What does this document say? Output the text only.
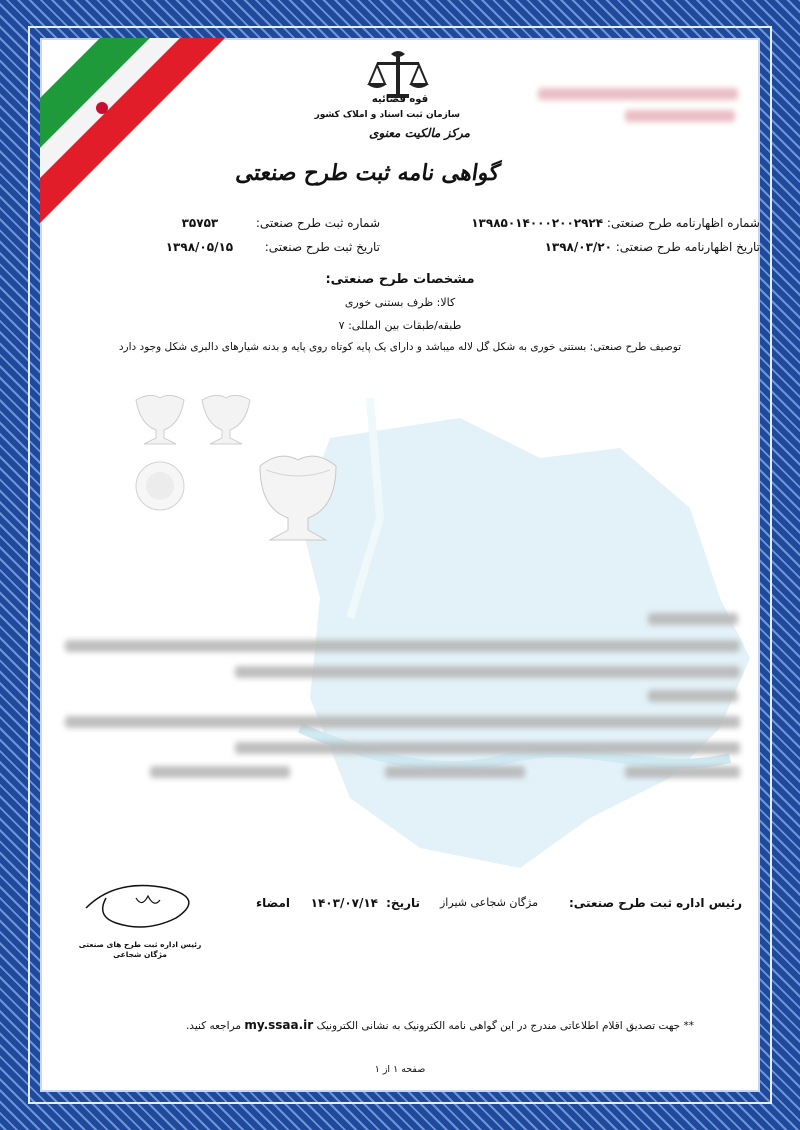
قوه قضائیه
سازمان ثبت اسناد و املاک کشور
مرکز مالکیت معنوی
گواهی نامه ثبت طرح صنعتی
شماره ثبت طرح صنعتی:  ۳۵۷۵۳	شماره اظهارنامه طرح صنعتی: ۱۳۹۸۵۰۱۴۰۰۰۲۰۰۲۹۲۴
تاریخ ثبت طرح صنعتی:  ۱۳۹۸/۰۵/۱۵	تاریخ اظهارنامه طرح صنعتی: ۱۳۹۸/۰۳/۲۰
مشخصات طرح صنعتی:
کالا: ظرف بستنی خوری
طبقه/طبقات بین المللی: ۷
توصیف طرح صنعتی: بستنی خوری به شکل گل لاله میباشد و دارای یک پایه کوتاه روی پایه و بدنه شیارهای دالبری شکل وجود دارد
رئیس اداره ثبت طرح صنعتی:
مژگان شجاعی شیراز
تاریخ:
۱۴۰۳/۰۷/۱۴
امضاء
رئیس اداره ثبت طرح های صنعتی
مژگان شجاعی
** جهت تصدیق اقلام اطلاعاتی مندرج در این گواهی نامه الکترونیک به نشانی الکترونیک my.ssaa.ir مراجعه کنید.
صفحه ۱ از ۱
